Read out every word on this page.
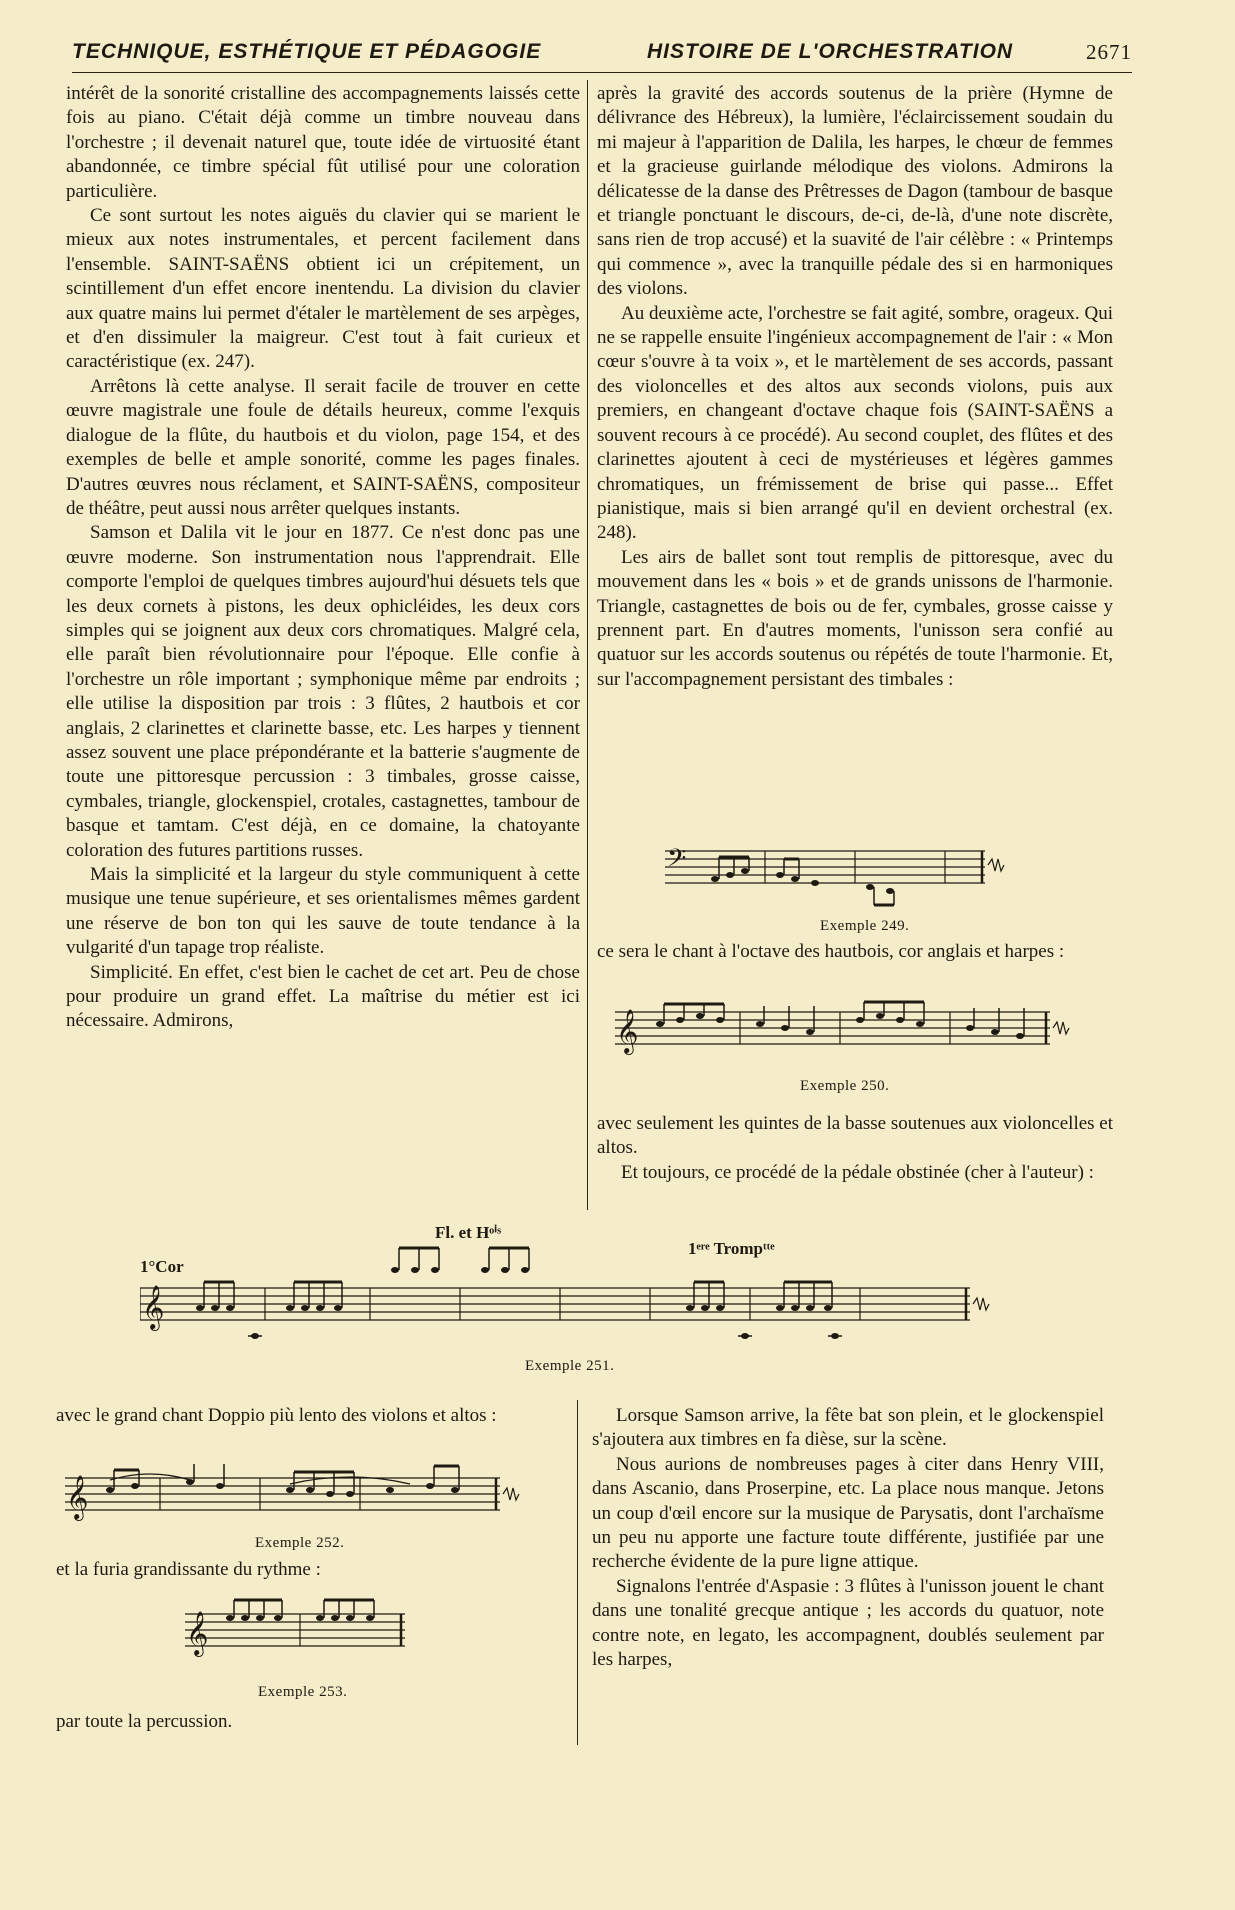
TECHNIQUE, ESTHÉTIQUE ET PÉDAGOGIE	HISTOIRE DE L'ORCHESTRATION	2671

intérêt de la sonorité cristalline des accompagnements laissés cette fois au piano. C'était déjà comme un timbre nouveau dans l'orchestre ; il devenait naturel que, toute idée de virtuosité étant abandonnée, ce timbre spécial fût utilisé pour une coloration particulière.

Ce sont surtout les notes aiguës du clavier qui se marient le mieux aux notes instrumentales, et percent facilement dans l'ensemble. SAINT-SAËNS obtient ici un crépitement, un scintillement d'un effet encore inentendu. La division du clavier aux quatre mains lui permet d'étaler le martèlement de ses arpèges, et d'en dissimuler la maigreur. C'est tout à fait curieux et caractéristique (ex. 247).

Arrêtons là cette analyse. Il serait facile de trouver en cette œuvre magistrale une foule de détails heureux, comme l'exquis dialogue de la flûte, du hautbois et du violon, page 154, et des exemples de belle et ample sonorité, comme les pages finales. D'autres œuvres nous réclament, et SAINT-SAËNS, compositeur de théâtre, peut aussi nous arrêter quelques instants.

Samson et Dalila vit le jour en 1877. Ce n'est donc pas une œuvre moderne. Son instrumentation nous l'apprendrait. Elle comporte l'emploi de quelques timbres aujourd'hui désuets tels que les deux cornets à pistons, les deux ophicléides, les deux cors simples qui se joignent aux deux cors chromatiques. Malgré cela, elle paraît bien révolutionnaire pour l'époque. Elle confie à l'orchestre un rôle important ; symphonique même par endroits ; elle utilise la disposition par trois : 3 flûtes, 2 hautbois et cor anglais, 2 clarinettes et clarinette basse, etc. Les harpes y tiennent assez souvent une place prépondérante et la batterie s'augmente de toute une pittoresque percussion : 3 timbales, grosse caisse, cymbales, triangle, glockenspiel, crotales, castagnettes, tambour de basque et tamtam. C'est déjà, en ce domaine, la chatoyante coloration des futures partitions russes.

Mais la simplicité et la largeur du style communiquent à cette musique une tenue supérieure, et ses orientalismes mêmes gardent une réserve de bon ton qui les sauve de toute tendance à la vulgarité d'un tapage trop réaliste.

Simplicité. En effet, c'est bien le cachet de cet art. Peu de chose pour produire un grand effet. La maîtrise du métier est ici nécessaire. Admirons,

après la gravité des accords soutenus de la prière (Hymne de délivrance des Hébreux), la lumière, l'éclaircissement soudain du mi majeur à l'apparition de Dalila, les harpes, le chœur de femmes et la gracieuse guirlande mélodique des violons. Admirons la délicatesse de la danse des Prêtresses de Dagon (tambour de basque et triangle ponctuant le discours, de-ci, de-là, d'une note discrète, sans rien de trop accusé) et la suavité de l'air célèbre : « Printemps qui commence », avec la tranquille pédale des si en harmoniques des violons.

Au deuxième acte, l'orchestre se fait agité, sombre, orageux. Qui ne se rappelle ensuite l'ingénieux accompagnement de l'air : « Mon cœur s'ouvre à ta voix », et le martèlement de ses accords, passant des violoncelles et des altos aux seconds violons, puis aux premiers, en changeant d'octave chaque fois (SAINT-SAËNS a souvent recours à ce procédé). Au second couplet, des flûtes et des clarinettes ajoutent à ceci de mystérieuses et légères gammes chromatiques, un frémissement de brise qui passe... Effet pianistique, mais si bien arrangé qu'il en devient orchestral (ex. 248).

Les airs de ballet sont tout remplis de pittoresque, avec du mouvement dans les « bois » et de grands unissons de l'harmonie. Triangle, castagnettes de bois ou de fer, cymbales, grosse caisse y prennent part. En d'autres moments, l'unisson sera confié au quatuor sur les accords soutenus ou répétés de toute l'harmonie. Et, sur l'accompagnement persistant des timbales :

𝄢
Exemple 249.

ce sera le chant à l'octave des hautbois, cor anglais et harpes :

𝄞
Exemple 250.

avec seulement les quintes de la basse soutenues aux violoncelles et altos.

Et toujours, ce procédé de la pédale obstinée (cher à l'auteur) :

Fl. et Hᵒⁱˢ
1°Cor
1ᵉʳᵉ Trompᵗᵗᵉ
𝄞
Exemple 251.

avec le grand chant Doppio più lento des violons et altos :

𝄞
Exemple 252.

et la furia grandissante du rythme :

𝄞
Exemple 253.

par toute la percussion.

Lorsque Samson arrive, la fête bat son plein, et le glockenspiel s'ajoutera aux timbres en fa dièse, sur la scène.

Nous aurions de nombreuses pages à citer dans Henry VIII, dans Ascanio, dans Proserpine, etc. La place nous manque. Jetons un coup d'œil encore sur la musique de Parysatis, dont l'archaïsme un peu nu apporte une facture toute différente, justifiée par une recherche évidente de la pure ligne attique.

Signalons l'entrée d'Aspasie : 3 flûtes à l'unisson jouent le chant dans une tonalité grecque antique ; les accords du quatuor, note contre note, en legato, les accompagnent, doublés seulement par les harpes,
